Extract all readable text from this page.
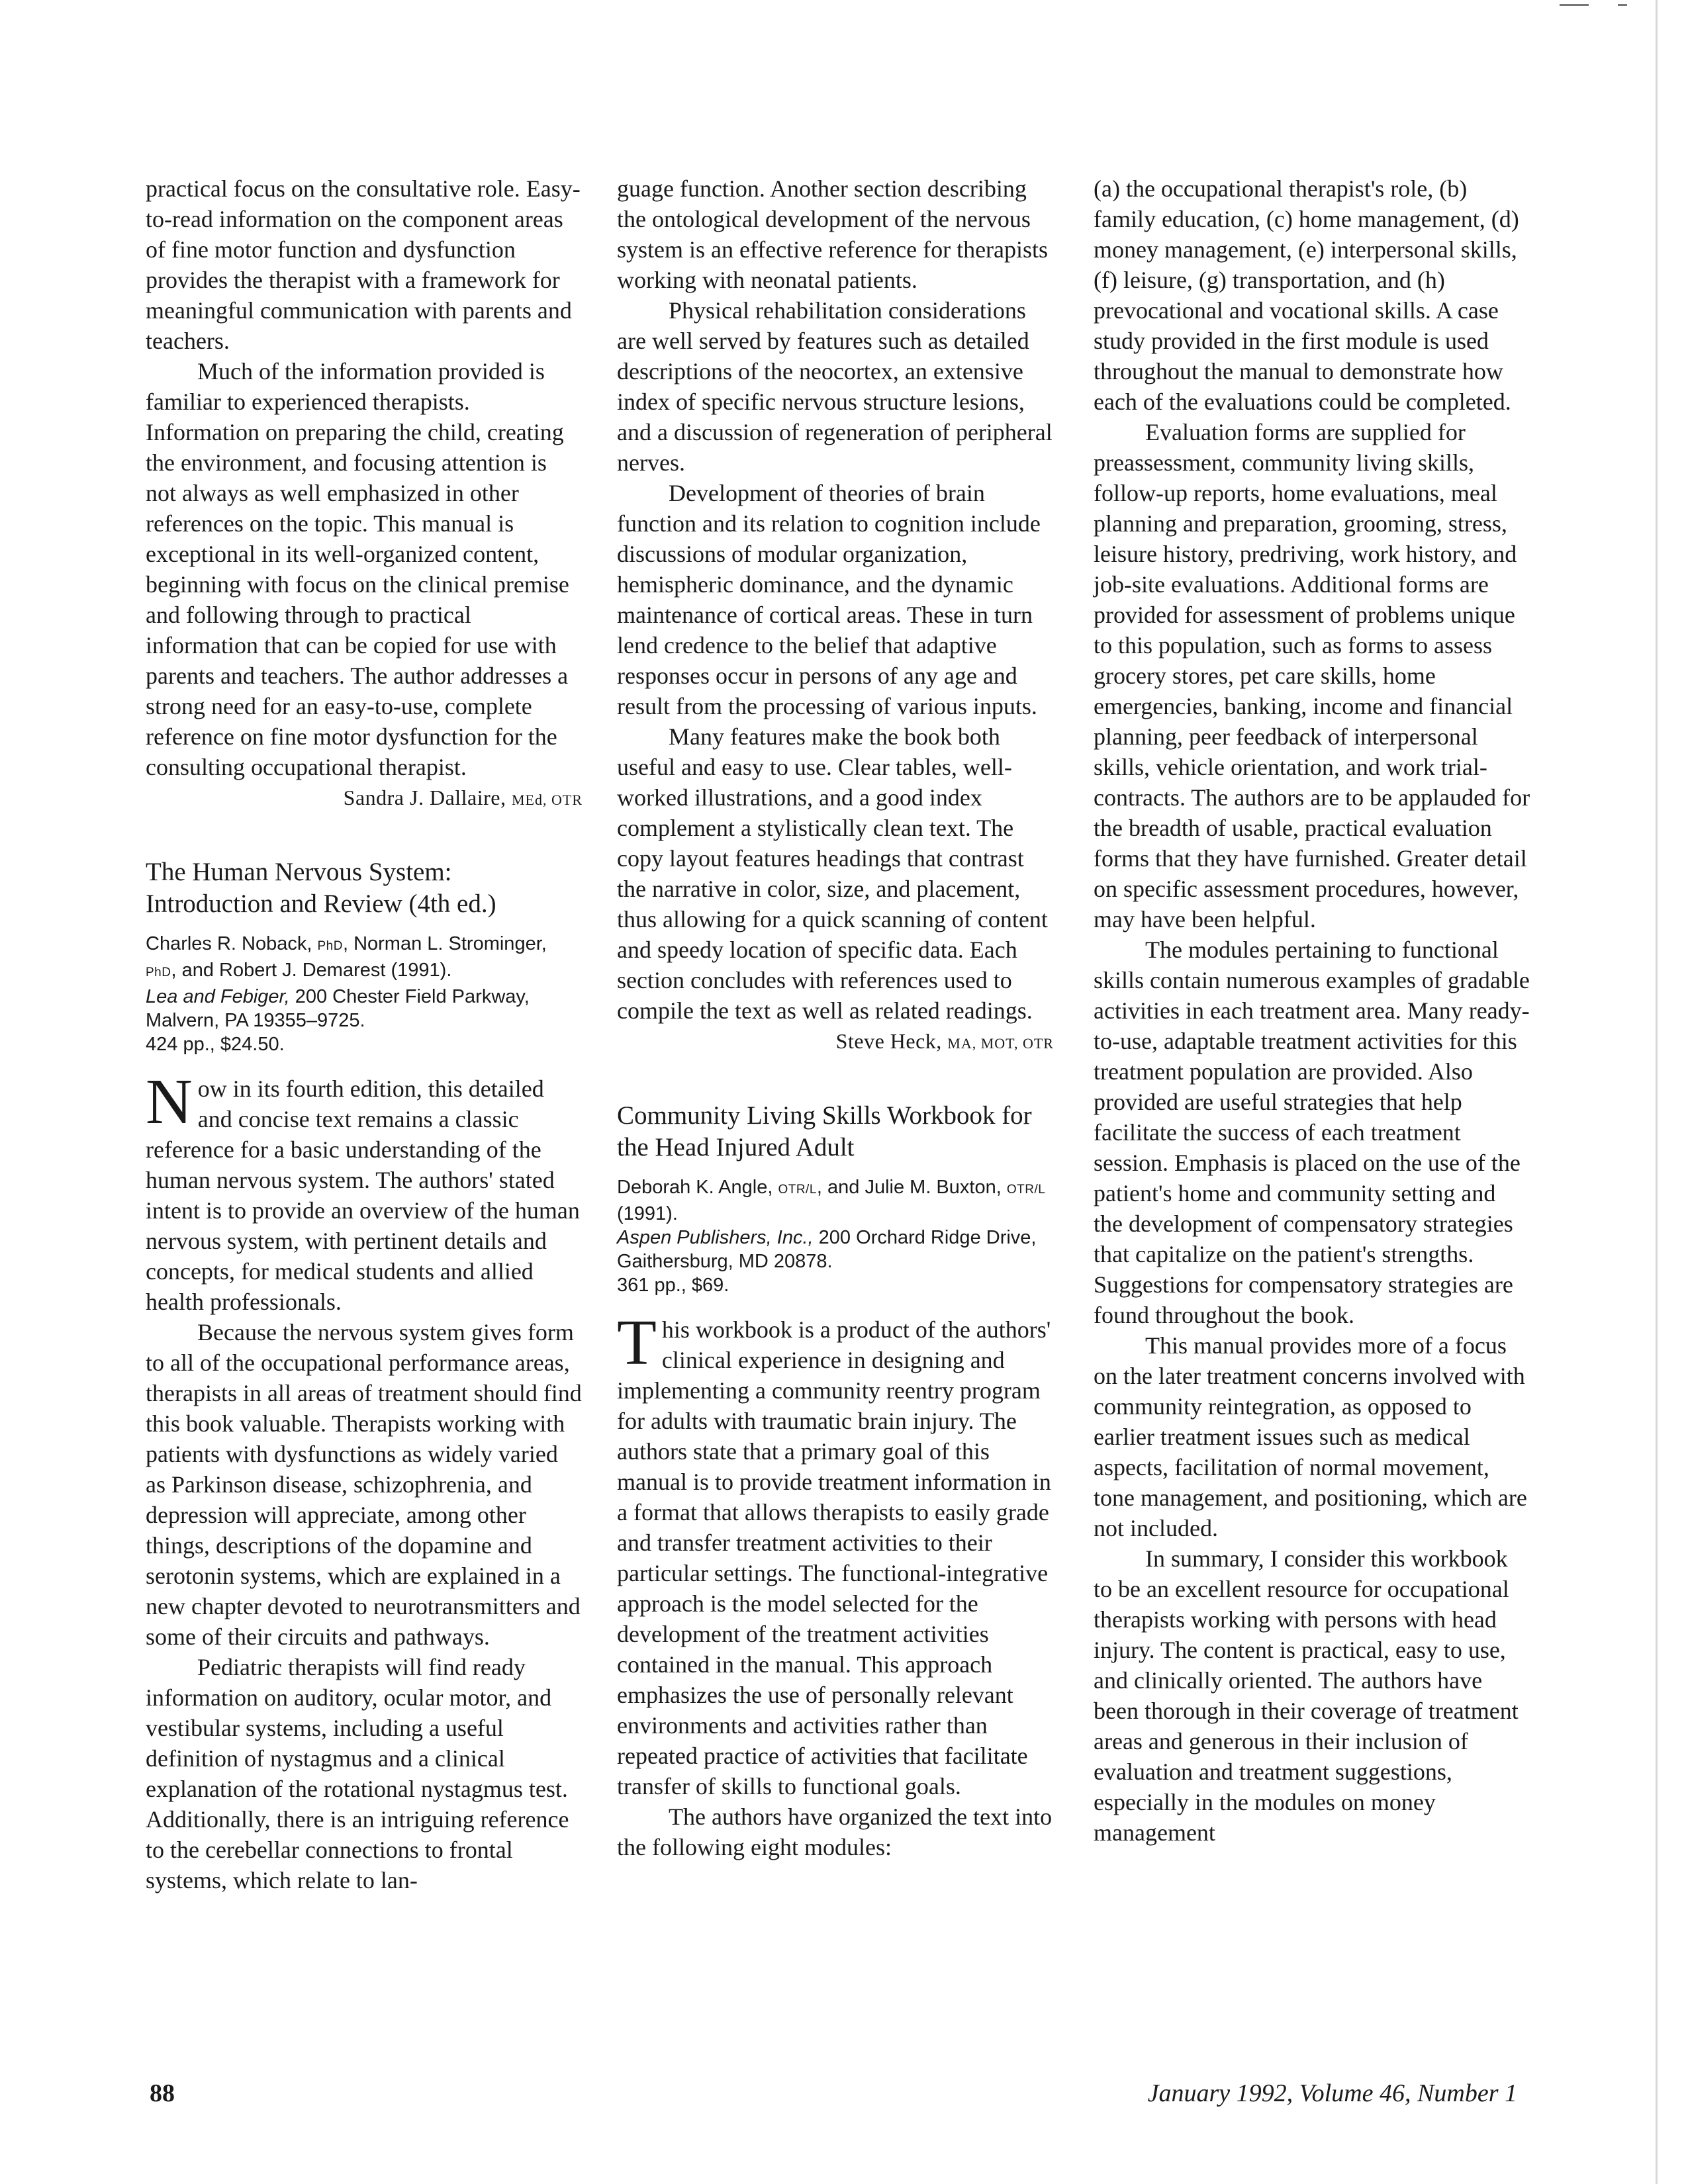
practical focus on the consultative role. Easy-to-read information on the component areas of fine motor function and dysfunction provides the therapist with a framework for meaningful communication with parents and teachers.

Much of the information provided is familiar to experienced therapists. Information on preparing the child, creating the environment, and focusing attention is not always as well emphasized in other references on the topic. This manual is exceptional in its well-organized content, beginning with focus on the clinical premise and following through to practical information that can be copied for use with parents and teachers. The author addresses a strong need for an easy-to-use, complete reference on fine motor dysfunction for the consulting occupational therapist.

Sandra J. Dallaire, MEd, OTR
The Human Nervous System: Introduction and Review (4th ed.)
Charles R. Noback, PhD, Norman L. Strominger, PhD, and Robert J. Demarest (1991).
Lea and Febiger, 200 Chester Field Parkway, Malvern, PA 19355–9725.
424 pp., $24.50.

Now in its fourth edition, this detailed and concise text remains a classic reference for a basic understanding of the human nervous system. The authors' stated intent is to provide an overview of the human nervous system, with pertinent details and concepts, for medical students and allied health professionals.

Because the nervous system gives form to all of the occupational performance areas, therapists in all areas of treatment should find this book valuable. Therapists working with patients with dysfunctions as widely varied as Parkinson disease, schizophrenia, and depression will appreciate, among other things, descriptions of the dopamine and serotonin systems, which are explained in a new chapter devoted to neurotransmitters and some of their circuits and pathways.

Pediatric therapists will find ready information on auditory, ocular motor, and vestibular systems, including a useful definition of nystagmus and a clinical explanation of the rotational nystagmus test. Additionally, there is an intriguing reference to the cerebellar connections to frontal systems, which relate to lan-

guage function. Another section describing the ontological development of the nervous system is an effective reference for therapists working with neonatal patients.

Physical rehabilitation considerations are well served by features such as detailed descriptions of the neocortex, an extensive index of specific nervous structure lesions, and a discussion of regeneration of peripheral nerves.

Development of theories of brain function and its relation to cognition include discussions of modular organization, hemispheric dominance, and the dynamic maintenance of cortical areas. These in turn lend credence to the belief that adaptive responses occur in persons of any age and result from the processing of various inputs.

Many features make the book both useful and easy to use. Clear tables, well-worked illustrations, and a good index complement a stylistically clean text. The copy layout features headings that contrast the narrative in color, size, and placement, thus allowing for a quick scanning of content and speedy location of specific data. Each section concludes with references used to compile the text as well as related readings.

Steve Heck, MA, MOT, OTR
Community Living Skills Workbook for the Head Injured Adult
Deborah K. Angle, OTR/L, and Julie M. Buxton, OTR/L (1991).
Aspen Publishers, Inc., 200 Orchard Ridge Drive, Gaithersburg, MD 20878.
361 pp., $69.

This workbook is a product of the authors' clinical experience in designing and implementing a community reentry program for adults with traumatic brain injury. The authors state that a primary goal of this manual is to provide treatment information in a format that allows therapists to easily grade and transfer treatment activities to their particular settings. The functional-integrative approach is the model selected for the development of the treatment activities contained in the manual. This approach emphasizes the use of personally relevant environments and activities rather than repeated practice of activities that facilitate transfer of skills to functional goals.

The authors have organized the text into the following eight modules:

(a) the occupational therapist's role, (b) family education, (c) home management, (d) money management, (e) interpersonal skills, (f) leisure, (g) transportation, and (h) prevocational and vocational skills. A case study provided in the first module is used throughout the manual to demonstrate how each of the evaluations could be completed.

Evaluation forms are supplied for preassessment, community living skills, follow-up reports, home evaluations, meal planning and preparation, grooming, stress, leisure history, predriving, work history, and job-site evaluations. Additional forms are provided for assessment of problems unique to this population, such as forms to assess grocery stores, pet care skills, home emergencies, banking, income and financial planning, peer feedback of interpersonal skills, vehicle orientation, and work trial-contracts. The authors are to be applauded for the breadth of usable, practical evaluation forms that they have furnished. Greater detail on specific assessment procedures, however, may have been helpful.

The modules pertaining to functional skills contain numerous examples of gradable activities in each treatment area. Many ready-to-use, adaptable treatment activities for this treatment population are provided. Also provided are useful strategies that help facilitate the success of each treatment session. Emphasis is placed on the use of the patient's home and community setting and the development of compensatory strategies that capitalize on the patient's strengths. Suggestions for compensatory strategies are found throughout the book.

This manual provides more of a focus on the later treatment concerns involved with community reintegration, as opposed to earlier treatment issues such as medical aspects, facilitation of normal movement, tone management, and positioning, which are not included.

In summary, I consider this workbook to be an excellent resource for occupational therapists working with persons with head injury. The content is practical, easy to use, and clinically oriented. The authors have been thorough in their coverage of treatment areas and generous in their inclusion of evaluation and treatment suggestions, especially in the modules on money management

88	January 1992, Volume 46, Number 1
